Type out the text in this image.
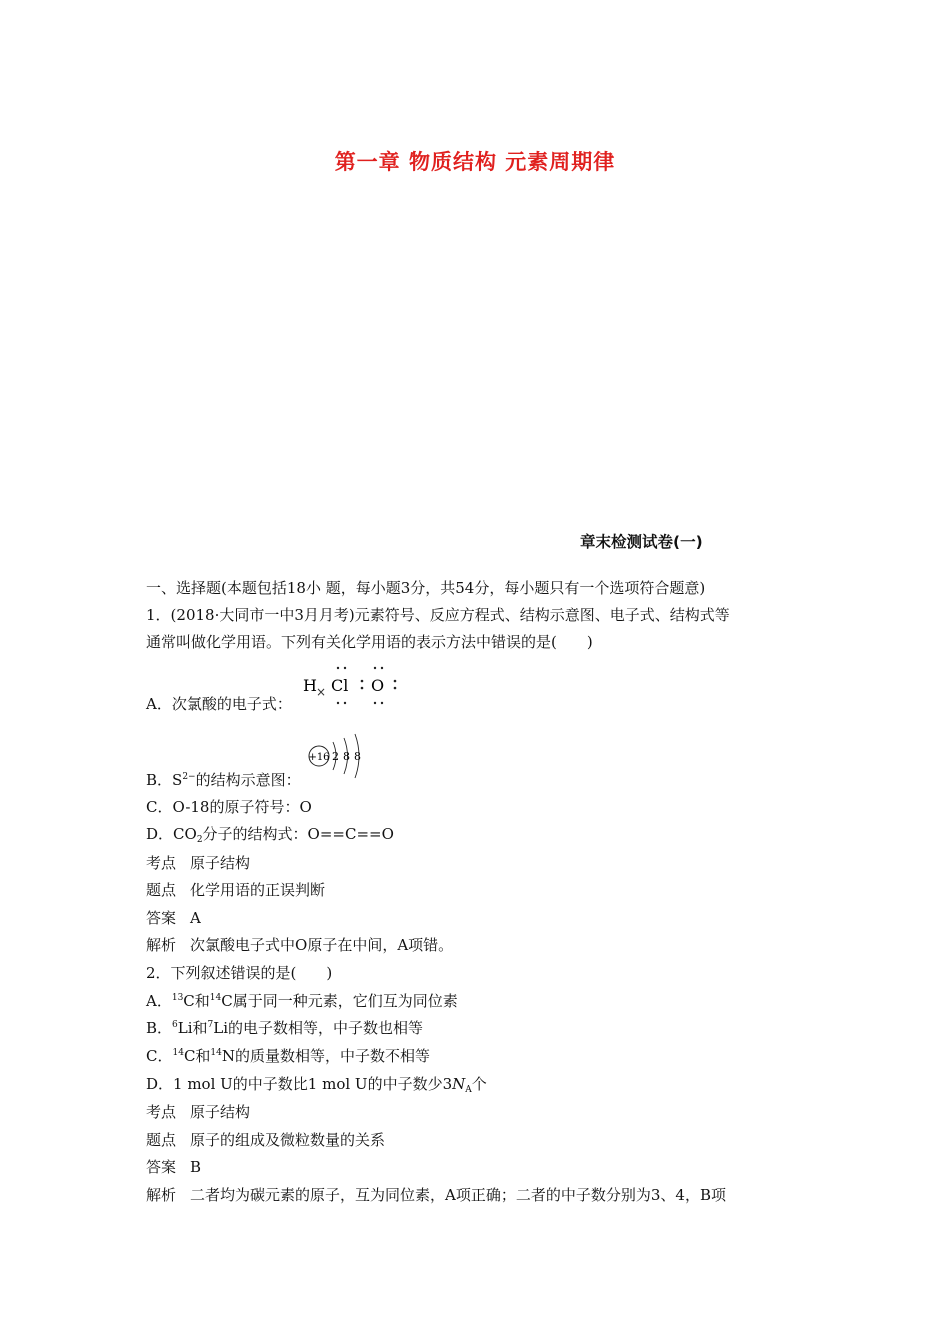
第一章 物质结构 元素周期律
章末检测试卷(一)
一、选择题(本题包括18小 题，每小题3分，共54分，每小题只有一个选项符合题意)
1．(2018·大同市一中3月月考)元素符号、反应方程式、结构示意图、电子式、结构式等
通常叫做化学用语。下列有关化学用语的表示方法中错误的是(　　)
A．次氯酸的电子式：
H × Cl O
B．$S^{2-}$的结构示意图：
+16 2 8 8
C．O-18的原子符号：O
D．$CO_2$分子的结构式：O==C==O
考点 原子结构
题点 化学用语的正误判断
答案 A
解析 次氯酸电子式中O原子在中间，A项错。
2．下列叙述错误的是(　　)
A．$^{13}$C和$^{14}$C属于同一种元素，它们互为同位素
B．$^6$Li和$^7$Li的电子数相等，中子数也相等
C．$^{14}$C和$^{14}$N的质量数相等，中子数不相等
D．1 mol U的中子数比1 mol U的中子数少$3N_A$个
考点 原子结构
题点 原子的组成及微粒数量的关系
答案 B
解析 二者均为碳元素的原子，互为同位素，A项正确；二者的中子数分别为3、4，B项
